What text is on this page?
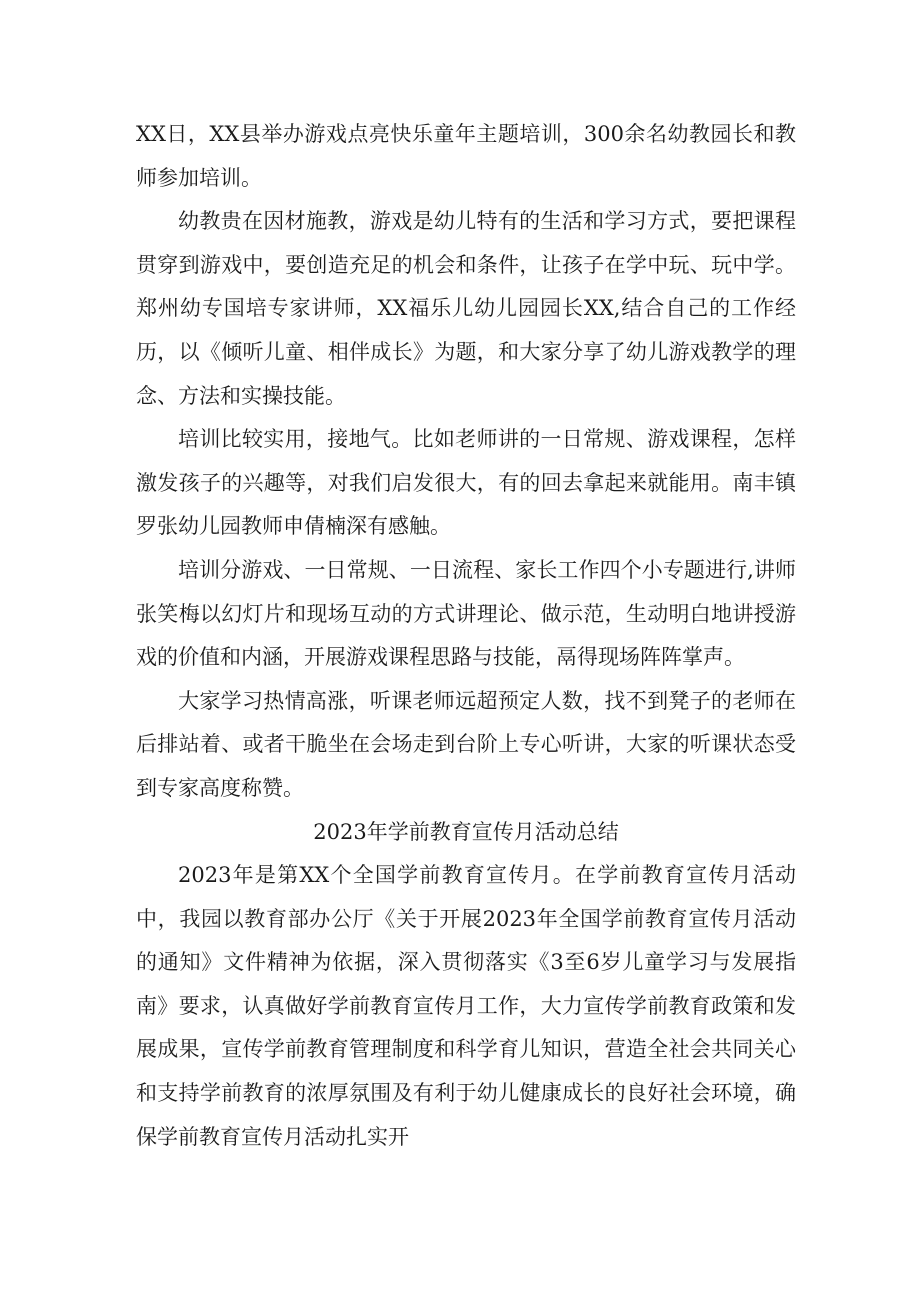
XX日，XX县举办游戏点亮快乐童年主题培训，300余名幼教园长和教师参加培训。

幼教贵在因材施教，游戏是幼儿特有的生活和学习方式，要把课程贯穿到游戏中，要创造充足的机会和条件，让孩子在学中玩、玩中学。郑州幼专国培专家讲师，XX福乐儿幼儿园园长XX,结合自己的工作经历，以《倾听儿童、相伴成长》为题，和大家分享了幼儿游戏教学的理念、方法和实操技能。

培训比较实用，接地气。比如老师讲的一日常规、游戏课程，怎样激发孩子的兴趣等，对我们启发很大，有的回去拿起来就能用。南丰镇罗张幼儿园教师申倩楠深有感触。

培训分游戏、一日常规、一日流程、家长工作四个小专题进行,讲师张笑梅以幻灯片和现场互动的方式讲理论、做示范，生动明白地讲授游戏的价值和内涵，开展游戏课程思路与技能，鬲得现场阵阵掌声。

大家学习热情高涨，听课老师远超预定人数，找不到凳子的老师在后排站着、或者干脆坐在会场走到台阶上专心听讲，大家的听课状态受到专家高度称赞。

2023年学前教育宣传月活动总结

2023年是第XX个全国学前教育宣传月。在学前教育宣传月活动中，我园以教育部办公厅《关于开展2023年全国学前教育宣传月活动的通知》文件精神为依据，深入贯彻落实《3至6岁儿童学习与发展指南》要求，认真做好学前教育宣传月工作，大力宣传学前教育政策和发展成果，宣传学前教育管理制度和科学育儿知识，营造全社会共同关心和支持学前教育的浓厚氛围及有利于幼儿健康成长的良好社会环境，确保学前教育宣传月活动扎实开
